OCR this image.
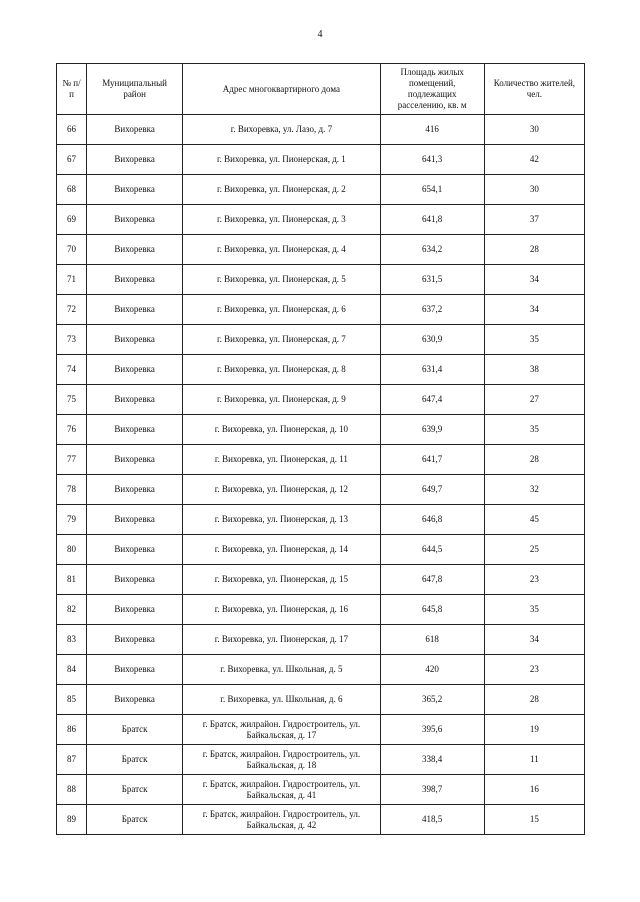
4
№ п/п	Муниципальный район	Адрес многоквартирного дома	Площадь жилых помещений, подлежащих расселению, кв. м	Количество жителей, чел.
66	Вихоревка	г. Вихоревка, ул. Лазо, д. 7	416	30
67	Вихоревка	г. Вихоревка, ул. Пионерская, д. 1	641,3	42
68	Вихоревка	г. Вихоревка, ул. Пионерская, д. 2	654,1	30
69	Вихоревка	г. Вихоревка, ул. Пионерская, д. 3	641,8	37
70	Вихоревка	г. Вихоревка, ул. Пионерская, д. 4	634,2	28
71	Вихоревка	г. Вихоревка, ул. Пионерская, д. 5	631,5	34
72	Вихоревка	г. Вихоревка, ул. Пионерская, д. 6	637,2	34
73	Вихоревка	г. Вихоревка, ул. Пионерская, д. 7	630,9	35
74	Вихоревка	г. Вихоревка, ул. Пионерская, д. 8	631,4	38
75	Вихоревка	г. Вихоревка, ул. Пионерская, д. 9	647,4	27
76	Вихоревка	г. Вихоревка, ул. Пионерская, д. 10	639,9	35
77	Вихоревка	г. Вихоревка, ул. Пионерская, д. 11	641,7	28
78	Вихоревка	г. Вихоревка, ул. Пионерская, д. 12	649,7	32
79	Вихоревка	г. Вихоревка, ул. Пионерская, д. 13	646,8	45
80	Вихоревка	г. Вихоревка, ул. Пионерская, д. 14	644,5	25
81	Вихоревка	г. Вихоревка, ул. Пионерская, д. 15	647,8	23
82	Вихоревка	г. Вихоревка, ул. Пионерская, д. 16	645,8	35
83	Вихоревка	г. Вихоревка, ул. Пионерская, д. 17	618	34
84	Вихоревка	г. Вихоревка, ул. Школьная, д. 5	420	23
85	Вихоревка	г. Вихоревка, ул. Школьная, д. 6	365,2	28
86	Братск	г. Братск, жилрайон. Гидростроитель, ул. Байкальская, д. 17	395,6	19
87	Братск	г. Братск, жилрайон. Гидростроитель, ул. Байкальская, д. 18	338,4	11
88	Братск	г. Братск, жилрайон. Гидростроитель, ул. Байкальская, д. 41	398,7	16
89	Братск	г. Братск, жилрайон. Гидростроитель, ул. Байкальская, д. 42	418,5	15
